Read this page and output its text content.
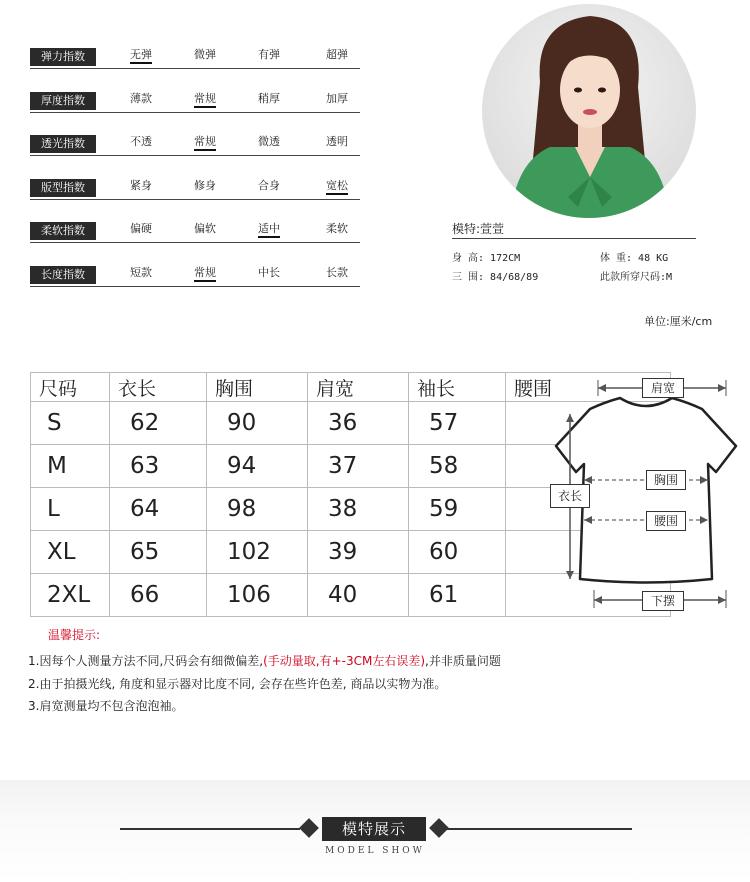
弹力指数	无弹	微弹	有弹	超弹
厚度指数	薄款	常规	稍厚	加厚
透光指数	不透	常规	微透	透明
版型指数	紧身	修身	合身	宽松
柔软指数	偏硬	偏软	适中	柔软
长度指数	短款	常规	中长	长款
模特:萱萱
身 高: 172CM	体 重: 48 KG
三 围: 84/68/89	此款所穿尺码:M
单位:厘米/cm
尺码	衣长	胸围	肩宽	袖长	腰围
S	62	90	36	57	
M	63	94	37	58	
L	64	98	38	59	
XL	65	102	39	60	
2XL	66	106	40	61	
肩宽
衣长
胸围
腰围
下摆
温馨提示:
1.因每个人测量方法不同,尺码会有细微偏差,(手动量取,有+-3CM左右误差),并非质量问题
2.由于拍摄光线, 角度和显示器对比度不同, 会存在些许色差, 商品以实物为准。
3.肩宽测量均不包含泡泡袖。
模特展示
MODEL SHOW
